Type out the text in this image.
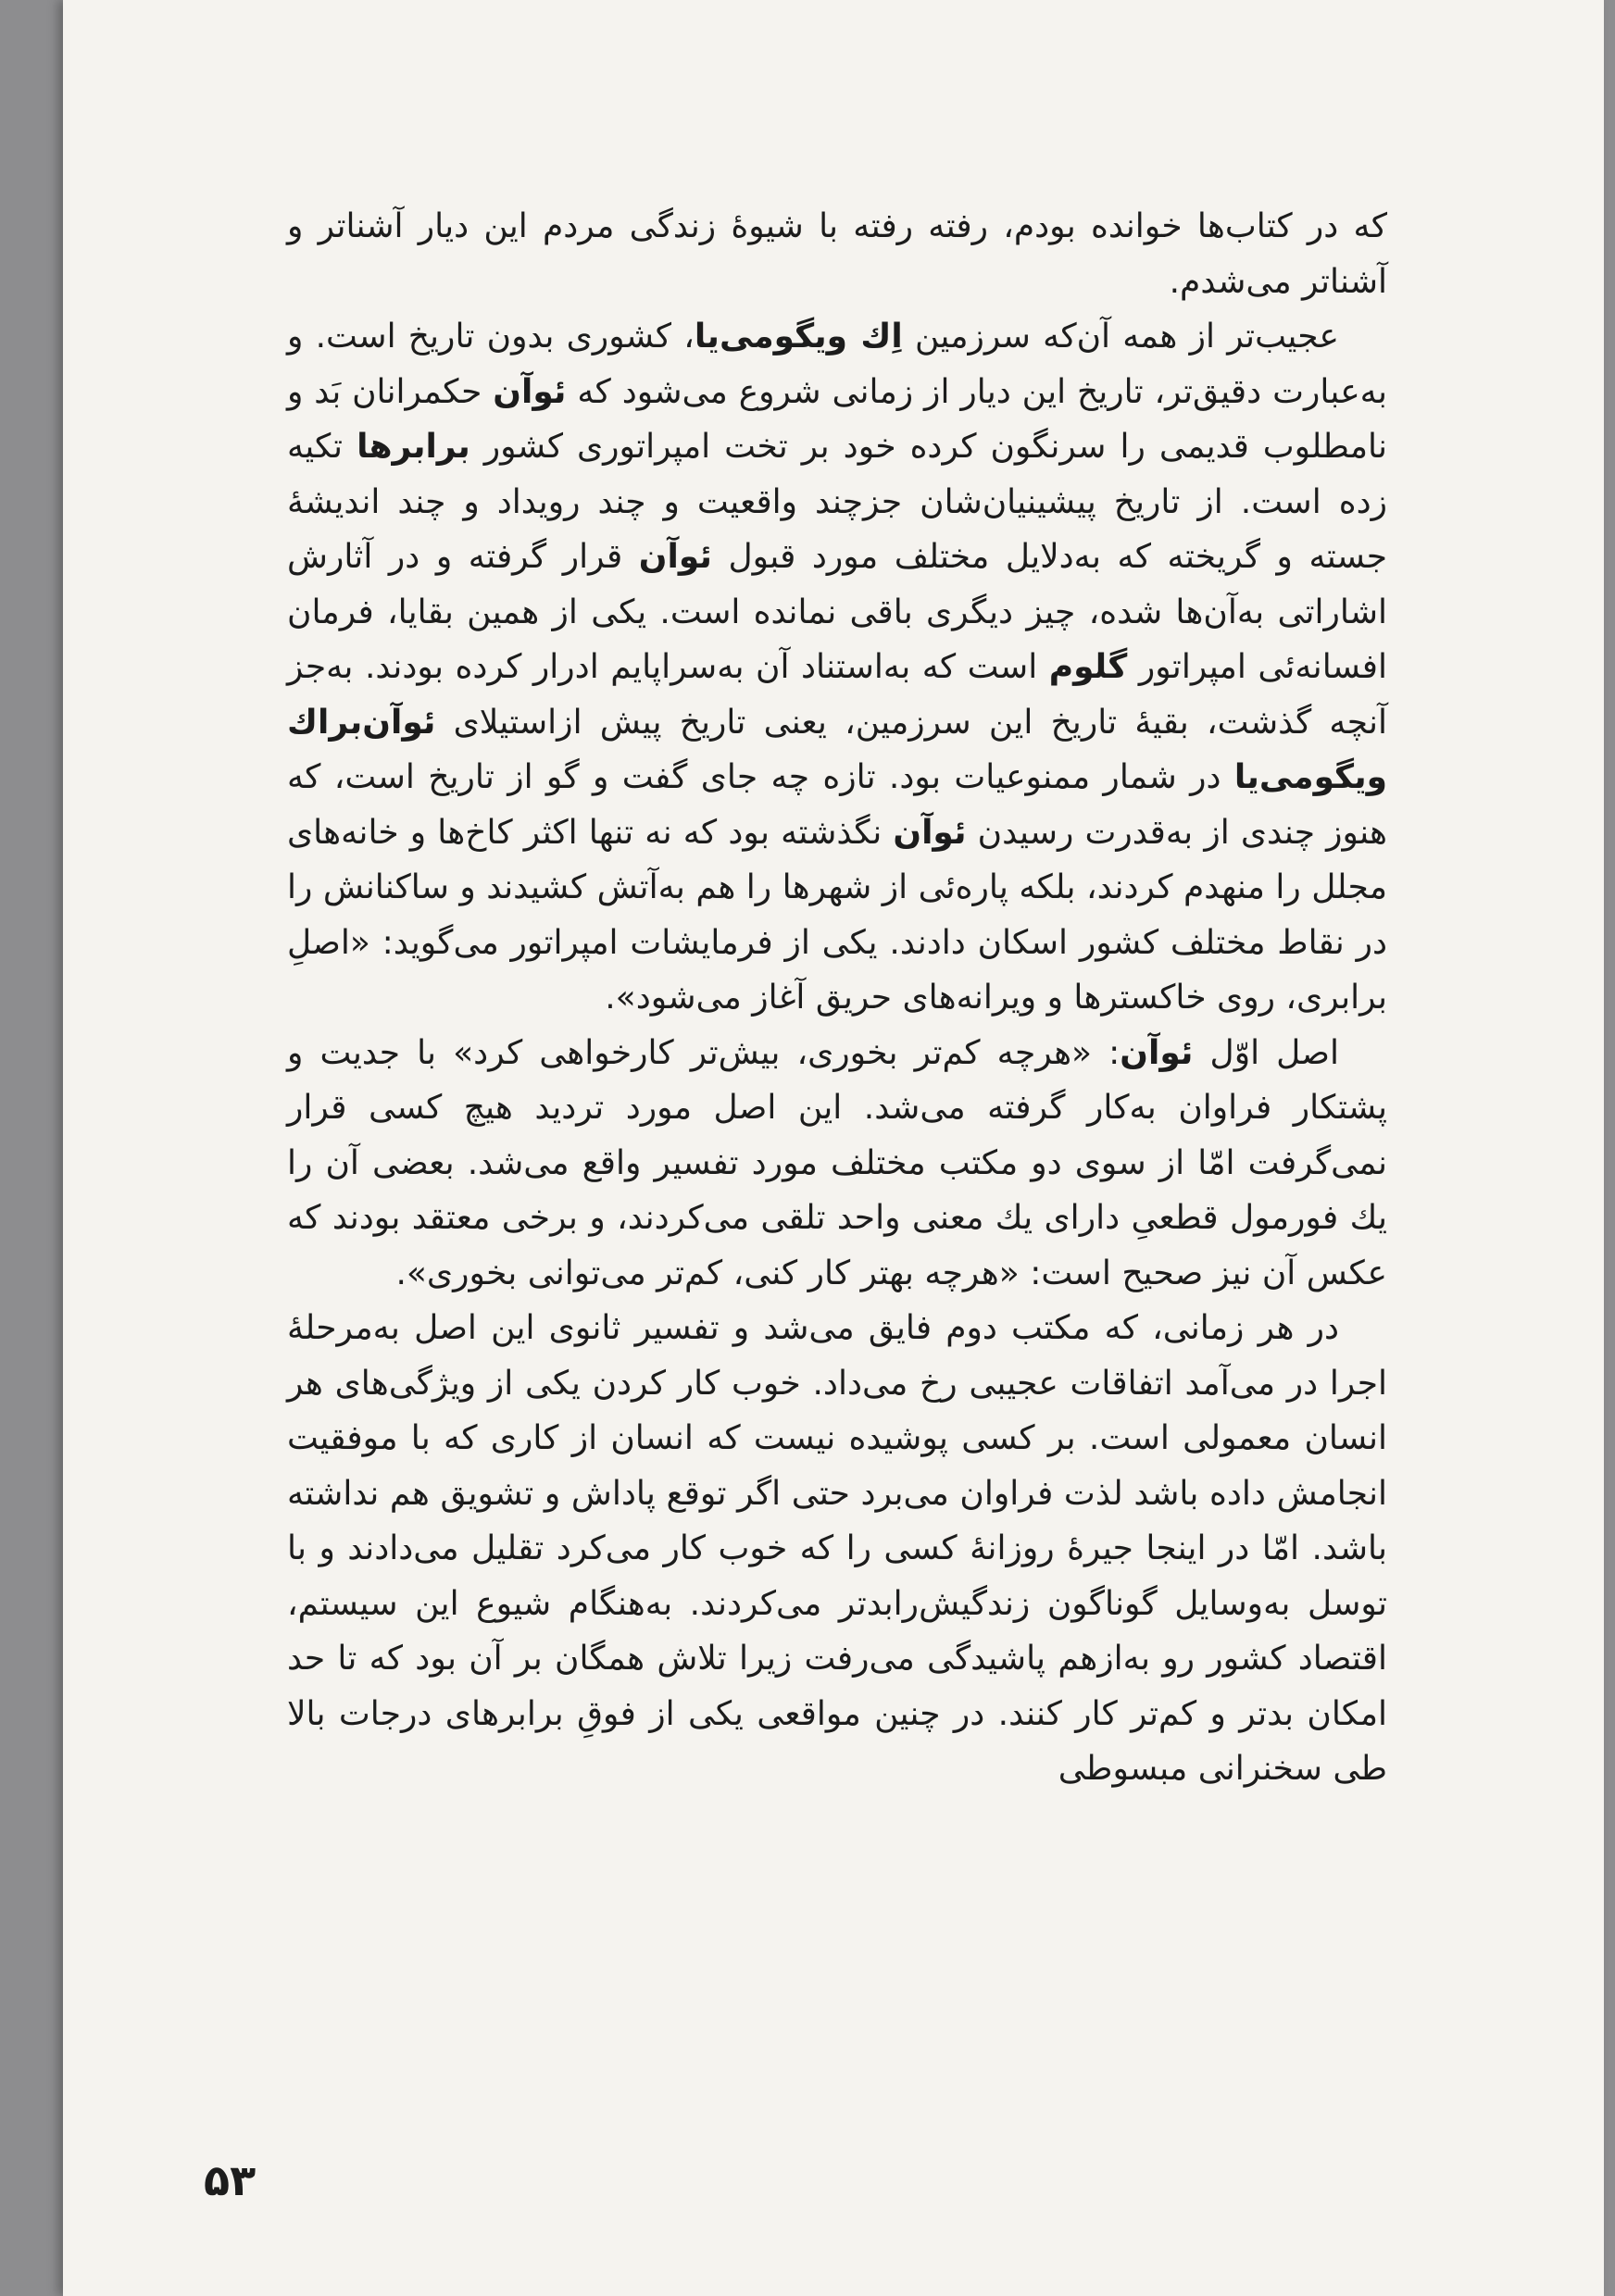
که در کتاب‌ها خوانده بودم، رفته رفته با شیوهٔ زندگی مردم این دیار آشناتر و آشناتر می‌شدم.

عجیب‌تر از همه آن‌که سرزمین اِك ویگومی‌یا، کشوری بدون تاریخ است. و به‌عبارت دقیق‌تر، تاریخ این دیار از زمانی شروع می‌شود که ئوآن حکمرانان بَد و نامطلوب قدیمی را سرنگون کرده خود بر تخت امپراتوری کشور برابرها تکیه زده است. از تاریخ پیشینیان‌شان جزچند واقعیت و چند رویداد و چند اندیشهٔ جسته و گریخته که به‌دلایل مختلف مورد قبول ئوآن قرار گرفته و در آثارش اشاراتی به‌آن‌ها شده، چیز دیگری باقی نمانده است. یکی از همین بقایا، فرمان افسانه‌ئی امپراتور گلوم است که به‌استناد آن به‌سراپایم ادرار کرده بودند. به‌جز آنچه گذشت، بقیهٔ تاریخ این سرزمین، یعنی تاریخ پیش ازاستیلای ئوآن‌براك ویگومی‌یا در شمار ممنوعیات بود. تازه چه جای گفت و گو از تاریخ است، که هنوز چندی از به‌قدرت رسیدن ئوآن نگذشته بود که نه تنها اکثر کاخ‌ها و خانه‌های مجلل را منهدم کردند، بلکه پاره‌ئی از شهرها را هم به‌آتش کشیدند و ساکنانش را در نقاط مختلف کشور اسکان دادند. یکی از فرمایشات امپراتور می‌گوید: «اصلِ برابری، روی خاکسترها و ویرانه‌های حریق آغاز می‌شود».

اصل اوّل ئوآن: «هرچه کم‌تر بخوری، بیش‌تر کارخواهی کرد» با جدیت و پشتکار فراوان به‌کار گرفته می‌شد. این اصل مورد تردید هیچ کسی قرار نمی‌گرفت امّا از سوی دو مکتب مختلف مورد تفسیر واقع می‌شد. بعضی آن را یك فورمول قطعیِ دارای یك معنی واحد تلقی می‌کردند، و برخی معتقد بودند که عکس آن نیز صحیح است: «هرچه بهتر کار کنی، کم‌تر می‌توانی بخوری».

در هر زمانی، که مکتب دوم فایق می‌شد و تفسیر ثانوی این اصل به‌مرحلهٔ اجرا در می‌آمد اتفاقات عجیبی رخ می‌داد. خوب کار کردن یکی از ویژگی‌های هر انسان معمولی است. بر کسی پوشیده نیست که انسان از کاری که با موفقیت انجامش داده باشد لذت فراوان می‌برد حتی اگر توقع پاداش و تشویق هم نداشته باشد. امّا در اینجا جیرهٔ روزانهٔ کسی را که خوب کار می‌کرد تقلیل می‌دادند و با توسل به‌وسایل گوناگون زندگیش‌رابدتر می‌کردند. به‌هنگام شیوع این سیستم، اقتصاد کشور رو به‌ازهم پاشیدگی می‌رفت زیرا تلاش همگان بر آن بود که تا حد امکان بدتر و کم‌تر کار کنند. در چنین مواقعی یکی از فوقِ برابرهای درجات بالا طی سخنرانی مبسوطی

۵۳
